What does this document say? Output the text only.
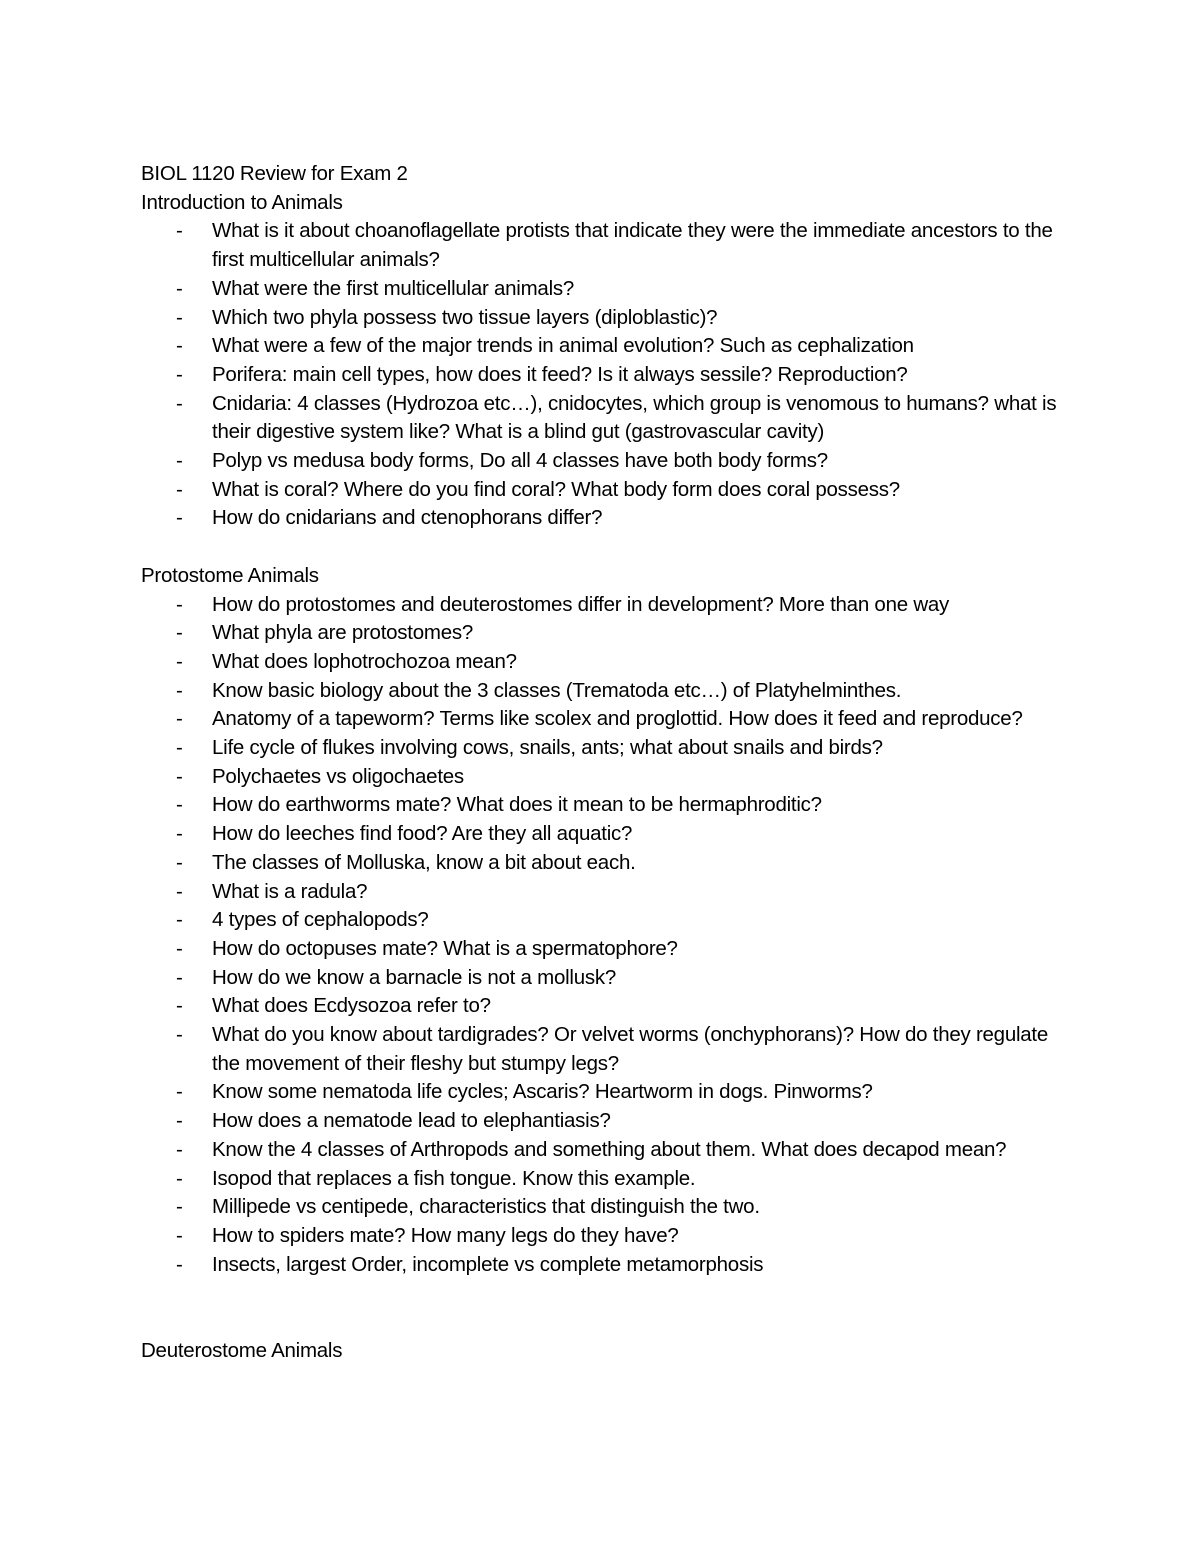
BIOL 1120 Review for Exam 2

Introduction to Animals

- What is it about choanoflagellate protists that indicate they were the immediate ancestors to the first multicellular animals?
- What were the first multicellular animals?
- Which two phyla possess two tissue layers (diploblastic)?
- What were a few of the major trends in animal evolution? Such as cephalization
- Porifera: main cell types, how does it feed? Is it always sessile? Reproduction?
- Cnidaria: 4 classes (Hydrozoa etc…), cnidocytes, which group is venomous to humans? what is their digestive system like? What is a blind gut (gastrovascular cavity)
- Polyp vs medusa body forms, Do all 4 classes have both body forms?
- What is coral? Where do you find coral? What body form does coral possess?
- How do cnidarians and ctenophorans differ?

Protostome Animals

- How do protostomes and deuterostomes differ in development? More than one way
- What phyla are protostomes?
- What does lophotrochozoa mean?
- Know basic biology about the 3 classes (Trematoda etc…) of Platyhelminthes.
- Anatomy of a tapeworm? Terms like scolex and proglottid. How does it feed and reproduce?
- Life cycle of flukes involving cows, snails, ants; what about snails and birds?
- Polychaetes vs oligochaetes
- How do earthworms mate? What does it mean to be hermaphroditic?
- How do leeches find food? Are they all aquatic?
- The classes of Molluska, know a bit about each.
- What is a radula?
- 4 types of cephalopods?
- How do octopuses mate? What is a spermatophore?
- How do we know a barnacle is not a mollusk?
- What does Ecdysozoa refer to?
- What do you know about tardigrades? Or velvet worms (onchyphorans)? How do they regulate the movement of their fleshy but stumpy legs?
- Know some nematoda life cycles; Ascaris? Heartworm in dogs. Pinworms?
- How does a nematode lead to elephantiasis?
- Know the 4 classes of Arthropods and something about them. What does decapod mean?
- Isopod that replaces a fish tongue. Know this example.
- Millipede vs centipede, characteristics that distinguish the two.
- How to spiders mate? How many legs do they have?
- Insects, largest Order, incomplete vs complete metamorphosis

Deuterostome Animals
